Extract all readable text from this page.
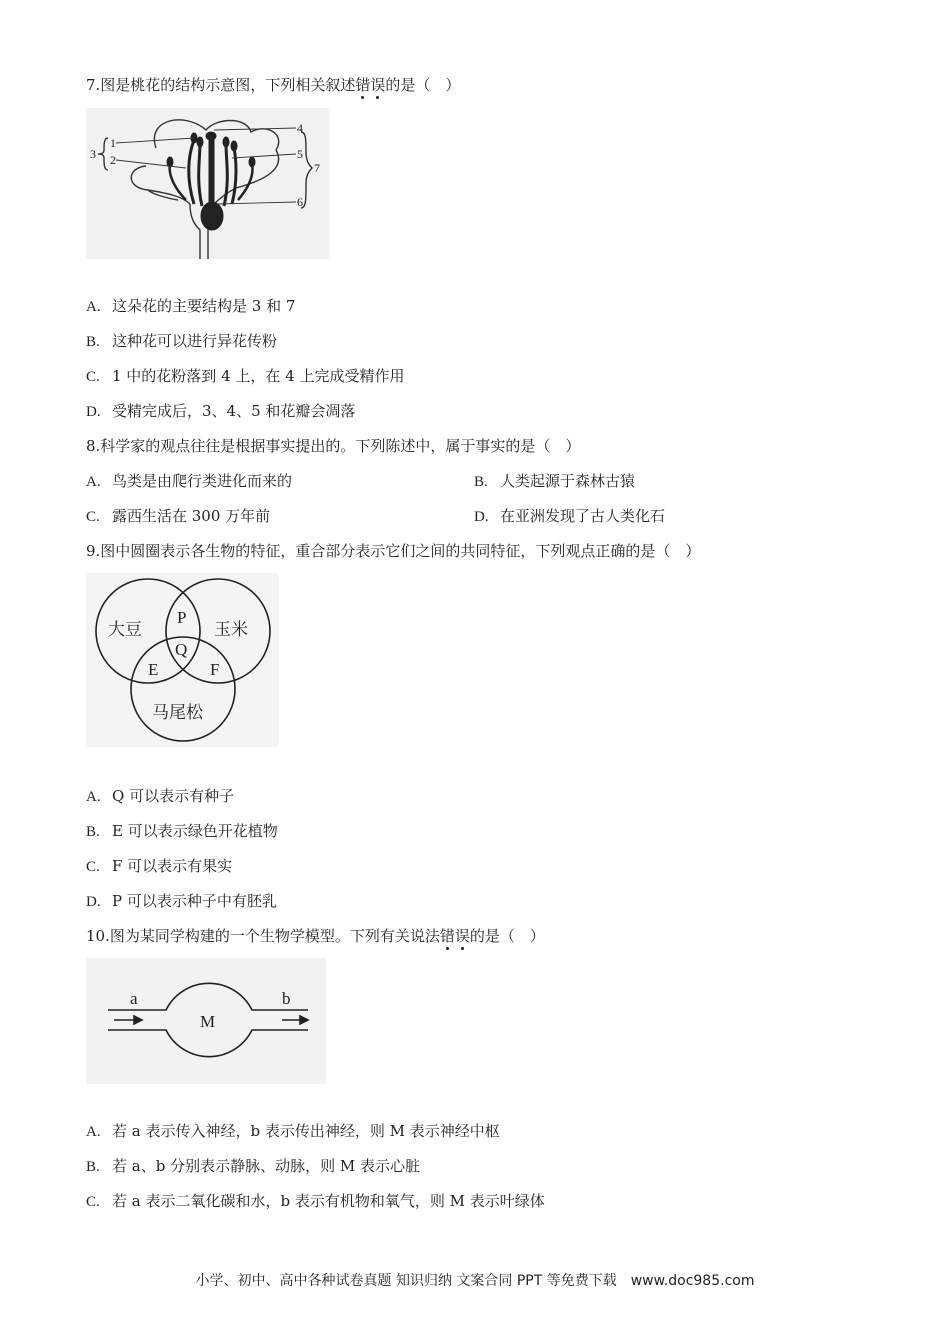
7.图是桃花的结构示意图，下列相关叙述错误的是（　）
1
2
3
4
5
6
7
A. 这朵花的主要结构是 3 和 7
B. 这种花可以进行异花传粉
C. 1 中的花粉落到 4 上，在 4 上完成受精作用
D. 受精完成后，3、4、5 和花瓣会凋落
8.科学家的观点往往是根据事实提出的。下列陈述中，属于事实的是（　）
A. 鸟类是由爬行类进化而来的	B. 人类起源于森林古猿
C. 露西生活在 300 万年前	D. 在亚洲发现了古人类化石
9.图中圆圈表示各生物的特征，重合部分表示它们之间的共同特征，下列观点正确的是（　）
大豆	玉米
马尾松
P
Q
E	F
A. Q 可以表示有种子
B. E 可以表示绿色开花植物
C. F 可以表示有果实
D. P 可以表示种子中有胚乳
10.图为某同学构建的一个生物学模型。下列有关说法错误的是（　）
a	b
M
A. 若 a 表示传入神经，b 表示传出神经，则 M 表示神经中枢
B. 若 a、b 分别表示静脉、动脉，则 M 表示心脏
C. 若 a 表示二氧化碳和水，b 表示有机物和氧气，则 M 表示叶绿体
小学、初中、高中各种试卷真题 知识归纳 文案合同 PPT 等免费下载　www.doc985.com
